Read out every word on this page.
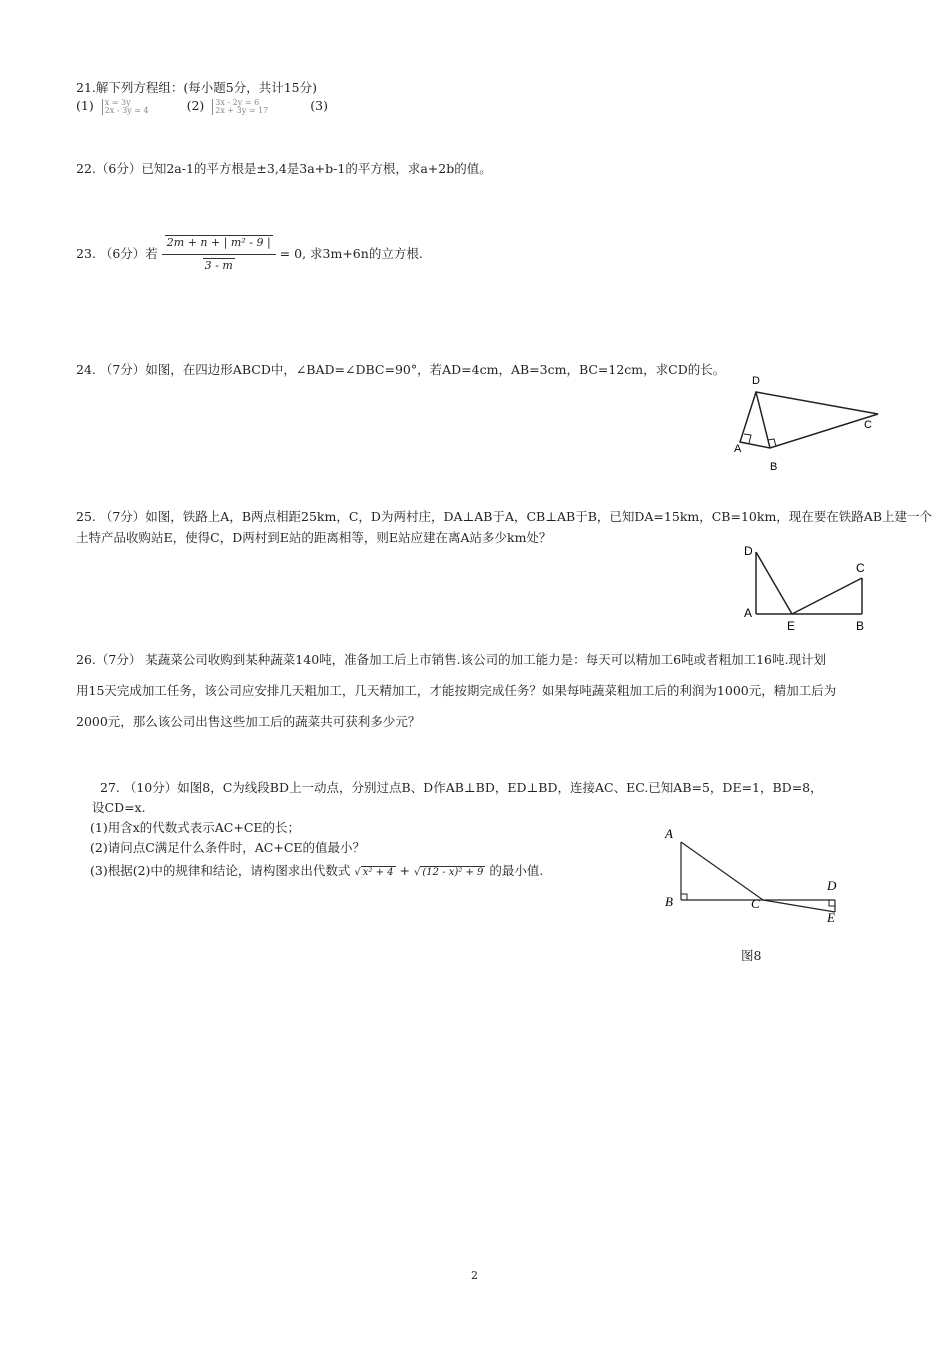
21.解下列方程组：(每小题5分，共计15分)
(1) x = 3y
2x - 3y = 4	(2) 3x - 2y = 6
2x + 3y = 17	(3)
22.（6分）已知2a-1的平方根是±3,4是3a+b-1的平方根，求a+2b的值。
23. （6分）若 $\frac{\text{2m + n + | m² - 9 |}}{3 - m} = 0$, 求3m+6n的立方根.
24. （7分）如图，在四边形ABCD中，∠BAD=∠DBC=90°，若AD=4cm，AB=3cm，BC=12cm，求CD的长。
D
A
B
C
25. （7分）如图，铁路上A，B两点相距25km，C，D为两村庄，DA⊥AB于A，CB⊥AB于B，已知DA=15km，CB=10km，现在要在铁路AB上建一个
土特产品收购站E，使得C，D两村到E站的距离相等，则E站应建在离A站多少km处？
D
A
E	B
C
26.（7分） 某蔬菜公司收购到某种蔬菜140吨，准备加工后上市销售.该公司的加工能力是：每天可以精加工6吨或者粗加工16吨.现计划
用15天完成加工任务，该公司应安排几天粗加工，几天精加工，才能按期完成任务？如果每吨蔬菜粗加工后的利润为1000元，精加工后为
2000元，那么该公司出售这些加工后的蔬菜共可获利多少元？
27. （10分）如图8，C为线段BD上一动点，分别过点B、D作AB⊥BD，ED⊥BD，连接AC、EC.已知AB=5，DE=1，BD=8，
设CD=x.
(1)用含x的代数式表示AC+CE的长；
(2)请问点C满足什么条件时，AC+CE的值最小？
(3)根据(2)中的规律和结论，请构图求出代数式 √ x² + 4 + √ (12 - x)² + 9 的最小值.
A
B	C
D
E
图8
2
